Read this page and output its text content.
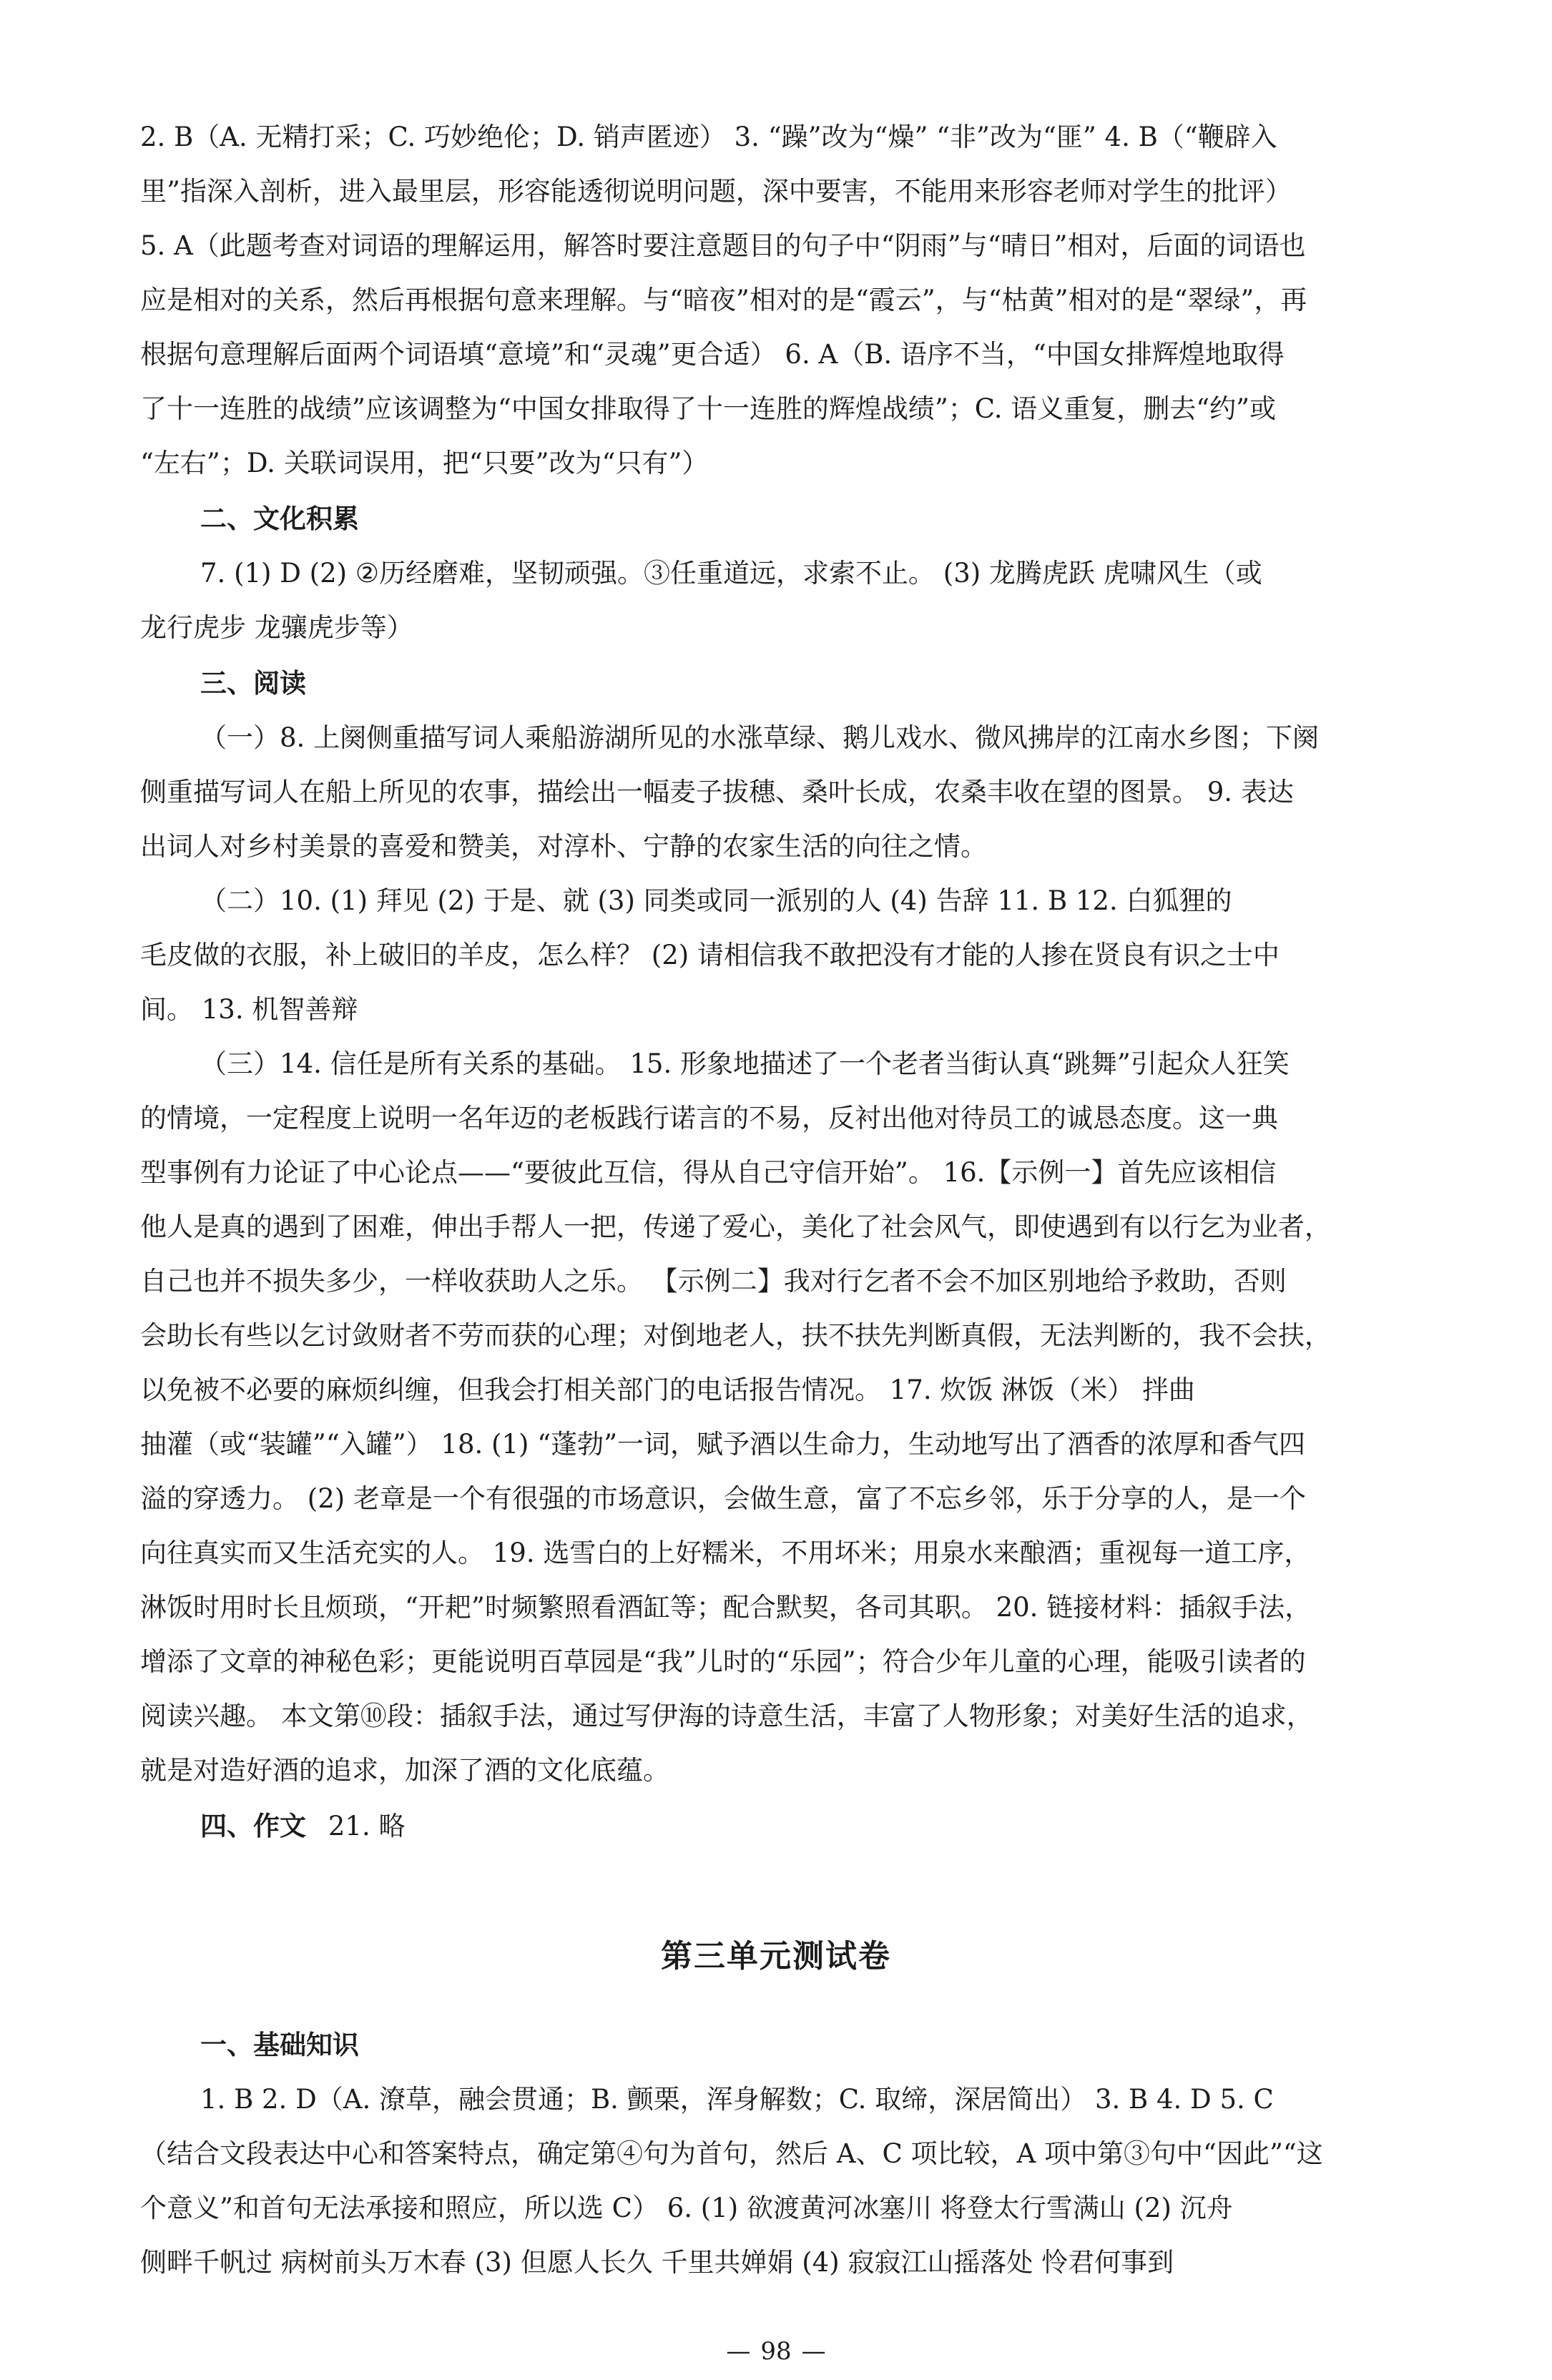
2. B（A. 无精打采；C. 巧妙绝伦；D. 销声匿迹） 3. “躁”改为“燥” “非”改为“匪” 4. B（“鞭辟入
里”指深入剖析，进入最里层，形容能透彻说明问题，深中要害，不能用来形容老师对学生的批评）
5. A（此题考查对词语的理解运用，解答时要注意题目的句子中“阴雨”与“晴日”相对，后面的词语也
应是相对的关系，然后再根据句意来理解。与“暗夜”相对的是“霞云”，与“枯黄”相对的是“翠绿”，再
根据句意理解后面两个词语填“意境”和“灵魂”更合适） 6. A（B. 语序不当，“中国女排辉煌地取得
了十一连胜的战绩”应该调整为“中国女排取得了十一连胜的辉煌战绩”；C. 语义重复，删去“约”或
“左右”；D. 关联词误用，把“只要”改为“只有”）
二、文化积累
7. (1) D (2) ②历经磨难，坚韧顽强。③任重道远，求索不止。 (3) 龙腾虎跃 虎啸风生（或
龙行虎步 龙骧虎步等）
三、阅读
（一）8. 上阕侧重描写词人乘船游湖所见的水涨草绿、鹅儿戏水、微风拂岸的江南水乡图；下阕
侧重描写词人在船上所见的农事，描绘出一幅麦子拔穗、桑叶长成，农桑丰收在望的图景。 9. 表达
出词人对乡村美景的喜爱和赞美，对淳朴、宁静的农家生活的向往之情。
（二）10. (1) 拜见 (2) 于是、就 (3) 同类或同一派别的人 (4) 告辞 11. B 12. 白狐狸的
毛皮做的衣服，补上破旧的羊皮，怎么样？ (2) 请相信我不敢把没有才能的人掺在贤良有识之士中
间。 13. 机智善辩
（三）14. 信任是所有关系的基础。 15. 形象地描述了一个老者当街认真“跳舞”引起众人狂笑
的情境，一定程度上说明一名年迈的老板践行诺言的不易，反衬出他对待员工的诚恳态度。这一典
型事例有力论证了中心论点——“要彼此互信，得从自己守信开始”。 16.【示例一】首先应该相信
他人是真的遇到了困难，伸出手帮人一把，传递了爱心，美化了社会风气，即使遇到有以行乞为业者，
自己也并不损失多少，一样收获助人之乐。 【示例二】我对行乞者不会不加区别地给予救助，否则
会助长有些以乞讨敛财者不劳而获的心理；对倒地老人，扶不扶先判断真假，无法判断的，我不会扶，
以免被不必要的麻烦纠缠，但我会打相关部门的电话报告情况。 17. 炊饭 淋饭（米） 拌曲
抽灌（或“装罐”“入罐”） 18. (1) “蓬勃”一词，赋予酒以生命力，生动地写出了酒香的浓厚和香气四
溢的穿透力。 (2) 老章是一个有很强的市场意识，会做生意，富了不忘乡邻，乐于分享的人，是一个
向往真实而又生活充实的人。 19. 选雪白的上好糯米，不用坏米；用泉水来酿酒；重视每一道工序，
淋饭时用时长且烦琐，“开耙”时频繁照看酒缸等；配合默契，各司其职。 20. 链接材料：插叙手法，
增添了文章的神秘色彩；更能说明百草园是“我”儿时的“乐园”；符合少年儿童的心理，能吸引读者的
阅读兴趣。 本文第⑩段：插叙手法，通过写伊海的诗意生活，丰富了人物形象；对美好生活的追求，
就是对造好酒的追求，加深了酒的文化底蕴。
四、作文 21. 略
第三单元测试卷
一、基础知识
1. B 2. D（A. 潦草，融会贯通；B. 颤栗，浑身解数；C. 取缔，深居简出） 3. B 4. D 5. C
（结合文段表达中心和答案特点，确定第④句为首句，然后 A、C 项比较，A 项中第③句中“因此”“这
个意义”和首句无法承接和照应，所以选 C） 6. (1) 欲渡黄河冰塞川 将登太行雪满山 (2) 沉舟
侧畔千帆过 病树前头万木春 (3) 但愿人长久 千里共婵娟 (4) 寂寂江山摇落处 怜君何事到
— 98 —
